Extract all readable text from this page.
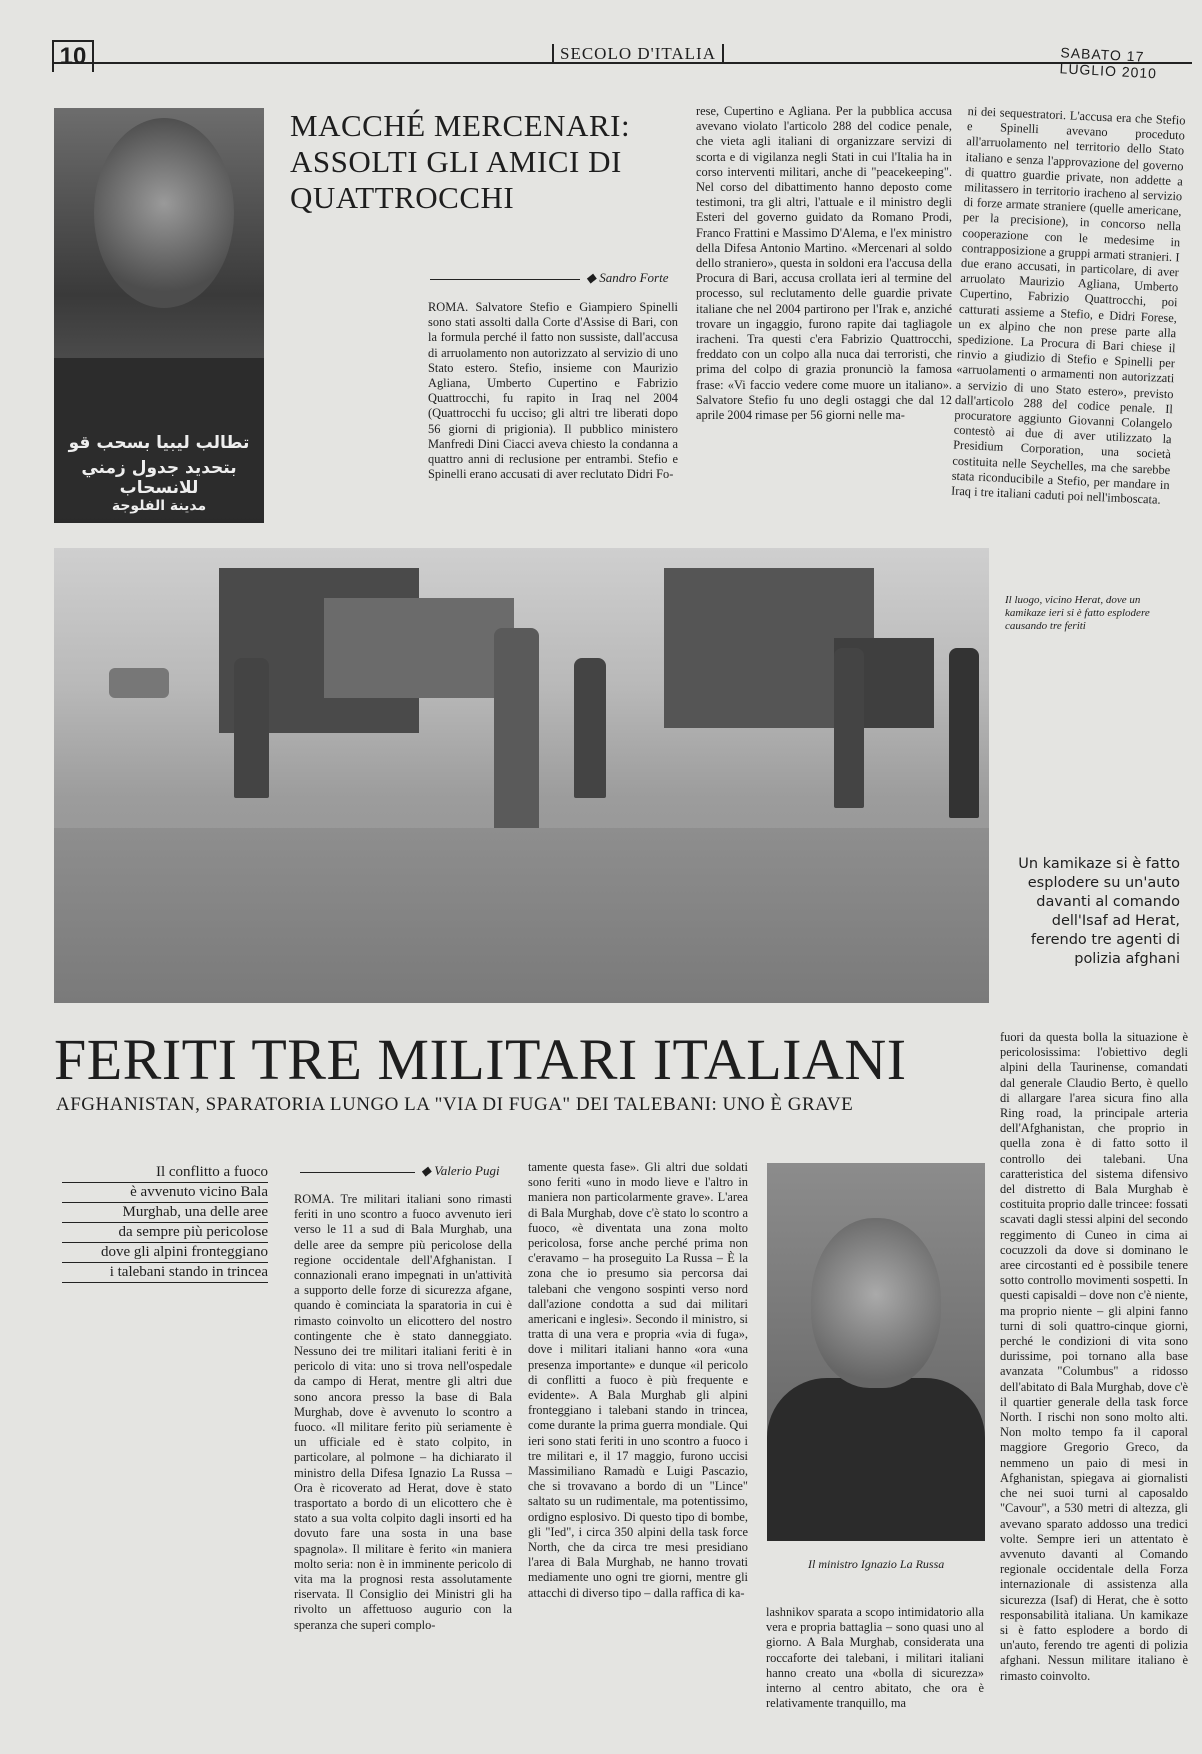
10	SECOLO D'ITALIA	SABATO 17 LUGLIO 2010
تطالب ليبيا بسحب قو
بتحديد جدول زمني للانسحاب
مدينة الفلوجة
MACCHÉ MERCENARI: ASSOLTI GLI AMICI DI QUATTROCCHI
◆ Sandro Forte

ROMA. Salvatore Stefio e Giampiero Spinelli sono stati assolti dalla Corte d'Assise di Bari, con la formula perché il fatto non sussiste, dall'accusa di arruolamento non autorizzato al servizio di uno Stato estero. Stefio, insieme con Maurizio Agliana, Umberto Cupertino e Fabrizio Quattrocchi, fu rapito in Iraq nel 2004 (Quattrocchi fu ucciso; gli altri tre liberati dopo 56 giorni di prigionia). Il pubblico ministero Manfredi Dini Ciacci aveva chiesto la condanna a quattro anni di reclusione per entrambi. Stefio e Spinelli erano accusati di aver reclutato Didri Fo-

rese, Cupertino e Agliana. Per la pubblica accusa avevano violato l'articolo 288 del codice penale, che vieta agli italiani di organizzare servizi di scorta e di vigilanza negli Stati in cui l'Italia ha in corso interventi militari, anche di "peacekeeping". Nel corso del dibattimento hanno deposto come testimoni, tra gli altri, l'attuale e il ministro degli Esteri del governo guidato da Romano Prodi, Franco Frattini e Massimo D'Alema, e l'ex ministro della Difesa Antonio Martino. «Mercenari al soldo dello straniero», questa in soldoni era l'accusa della Procura di Bari, accusa crollata ieri al termine del processo, sul reclutamento delle guardie private italiane che nel 2004 partirono per l'Irak e, anziché trovare un ingaggio, furono rapite dai tagliagole iracheni. Tra questi c'era Fabrizio Quattrocchi, freddato con un colpo alla nuca dai terroristi, che prima del colpo di grazia pronunciò la famosa frase: «Vi faccio vedere come muore un italiano». Salvatore Stefio fu uno degli ostaggi che dal 12 aprile 2004 rimase per 56 giorni nelle ma-

ni dei sequestratori. L'accusa era che Stefio e Spinelli avevano proceduto all'arruolamento nel territorio dello Stato italiano e senza l'approvazione del governo di quattro guardie private, non addette a militassero in territorio iracheno al servizio di forze armate straniere (quelle americane, per la precisione), in concorso nella cooperazione con le medesime in contrapposizione a gruppi armati stranieri. I due erano accusati, in particolare, di aver arruolato Maurizio Agliana, Umberto Cupertino, Fabrizio Quattrocchi, poi catturati assieme a Stefio, e Didri Forese, un ex alpino che non prese parte alla spedizione. La Procura di Bari chiese il rinvio a giudizio di Stefio e Spinelli per «arruolamenti o armamenti non autorizzati a servizio di uno Stato estero», previsto dall'articolo 288 del codice penale. Il procuratore aggiunto Giovanni Colangelo contestò ai due di aver utilizzato la Presidium Corporation, una società costituita nelle Seychelles, ma che sarebbe stata riconducibile a Stefio, per mandare in Iraq i tre italiani caduti poi nell'imboscata.

Il luogo, vicino Herat, dove un kamikaze ieri si è fatto esplodere causando tre feriti
Un kamikaze si è fatto esplodere su un'auto davanti al comando dell'Isaf ad Herat, ferendo tre agenti di polizia afghani
FERITI TRE MILITARI ITALIANI
AFGHANISTAN, SPARATORIA LUNGO LA "VIA DI FUGA" DEI TALEBANI: UNO È GRAVE
Il conflitto a fuoco
è avvenuto vicino Bala
Murghab, una delle aree
da sempre più pericolose
dove gli alpini fronteggiano
i talebani stando in trincea
◆ Valerio Pugi

ROMA. Tre militari italiani sono rimasti feriti in uno scontro a fuoco avvenuto ieri verso le 11 a sud di Bala Murghab, una delle aree da sempre più pericolose della regione occidentale dell'Afghanistan. I connazionali erano impegnati in un'attività a supporto delle forze di sicurezza afgane, quando è cominciata la sparatoria in cui è rimasto coinvolto un elicottero del nostro contingente che è stato danneggiato. Nessuno dei tre militari italiani feriti è in pericolo di vita: uno si trova nell'ospedale da campo di Herat, mentre gli altri due sono ancora presso la base di Bala Murghab, dove è avvenuto lo scontro a fuoco. «Il militare ferito più seriamente è un ufficiale ed è stato colpito, in particolare, al polmone – ha dichiarato il ministro della Difesa Ignazio La Russa – Ora è ricoverato ad Herat, dove è stato trasportato a bordo di un elicottero che è stato a sua volta colpito dagli insorti ed ha dovuto fare una sosta in una base spagnola». Il militare è ferito «in maniera molto seria: non è in imminente pericolo di vita ma la prognosi resta assolutamente riservata. Il Consiglio dei Ministri gli ha rivolto un affettuoso augurio con la speranza che superi complo-

tamente questa fase». Gli altri due soldati sono feriti «uno in modo lieve e l'altro in maniera non particolarmente grave». L'area di Bala Murghab, dove c'è stato lo scontro a fuoco, «è diventata una zona molto pericolosa, forse anche perché prima non c'eravamo – ha proseguito La Russa – È la zona che io presumo sia percorsa dai talebani che vengono sospinti verso nord dall'azione condotta a sud dai militari americani e inglesi». Secondo il ministro, si tratta di una vera e propria «via di fuga», dove i militari italiani hanno «ora «una presenza importante» e dunque «il pericolo di conflitti a fuoco è più frequente e evidente». A Bala Murghab gli alpini fronteggiano i talebani stando in trincea, come durante la prima guerra mondiale. Qui ieri sono stati feriti in uno scontro a fuoco i tre militari e, il 17 maggio, furono uccisi Massimiliano Ramadù e Luigi Pascazio, che si trovavano a bordo di un "Lince" saltato su un rudimentale, ma potentissimo, ordigno esplosivo. Di questo tipo di bombe, gli "Ied", i circa 350 alpini della task force North, che da circa tre mesi presidiano l'area di Bala Murghab, ne hanno trovati mediamente uno ogni tre giorni, mentre gli attacchi di diverso tipo – dalla raffica di ka-

Il ministro Ignazio La Russa

lashnikov sparata a scopo intimidatorio alla vera e propria battaglia – sono quasi uno al giorno. A Bala Murghab, considerata una roccaforte dei talebani, i militari italiani hanno creato una «bolla di sicurezza» interno al centro abitato, che ora è relativamente tranquillo, ma

fuori da questa bolla la situazione è pericolosissima: l'obiettivo degli alpini della Taurinense, comandati dal generale Claudio Berto, è quello di allargare l'area sicura fino alla Ring road, la principale arteria dell'Afghanistan, che proprio in quella zona è di fatto sotto il controllo dei talebani. Una caratteristica del sistema difensivo del distretto di Bala Murghab è costituita proprio dalle trincee: fossati scavati dagli stessi alpini del secondo reggimento di Cuneo in cima ai cocuzzoli da dove si dominano le aree circostanti ed è possibile tenere sotto controllo movimenti sospetti. In questi capisaldi – dove non c'è niente, ma proprio niente – gli alpini fanno turni di soli quattro-cinque giorni, perché le condizioni di vita sono durissime, poi tornano alla base avanzata "Columbus" a ridosso dell'abitato di Bala Murghab, dove c'è il quartier generale della task force North. I rischi non sono molto alti. Non molto tempo fa il caporal maggiore Gregorio Greco, da nemmeno un paio di mesi in Afghanistan, spiegava ai giornalisti che nei suoi turni al caposaldo "Cavour", a 530 metri di altezza, gli avevano sparato addosso una tredici volte. Sempre ieri un attentato è avvenuto davanti al Comando regionale occidentale della Forza internazionale di assistenza alla sicurezza (Isaf) di Herat, che è sotto responsabilità italiana. Un kamikaze si è fatto esplodere a bordo di un'auto, ferendo tre agenti di polizia afghani. Nessun militare italiano è rimasto coinvolto.
